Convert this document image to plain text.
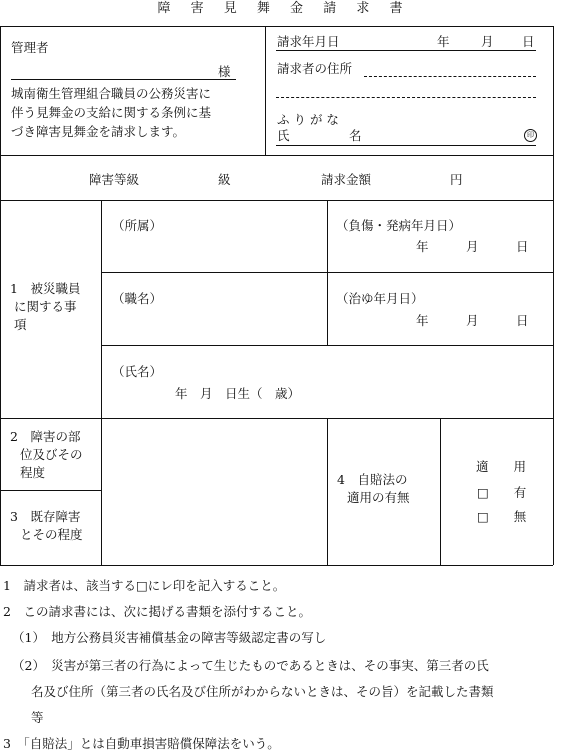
障 害 見 舞 金 請 求 書
管理者
様
城南衛生管理組合職員の公務災害に
伴う見舞金の支給に関する条例に基
づき障害見舞金を請求します。
請求年月日	年	月 日
請求者の住所
ふ り が な
氏	名	印
障害等級	級	請求金額	円
1　被災職員
に関する事
項
（所属）	（負傷・発病年月日）
年　　　月　　　日
（職名）	（治ゆ年月日）
年　　　月　　　日
（氏名）
年　月　日生（　歳）
2　障害の部
位及びその
程度
3　既存障害
とその程度
4　自賠法の
適用の有無
適　　用
□　　有
□　　無
1　請求者は、該当する□にレ印を記入すること。
2　この請求書には、次に掲げる書類を添付すること。
（1）　地方公務員災害補償基金の障害等級認定書の写し
（2）　災害が第三者の行為によって生じたものであるときは、その事実、第三者の氏
名及び住所（第三者の氏名及び住所がわからないときは、その旨）を記載した書類
等
3　「自賠法」とは自動車損害賠償保障法をいう。
